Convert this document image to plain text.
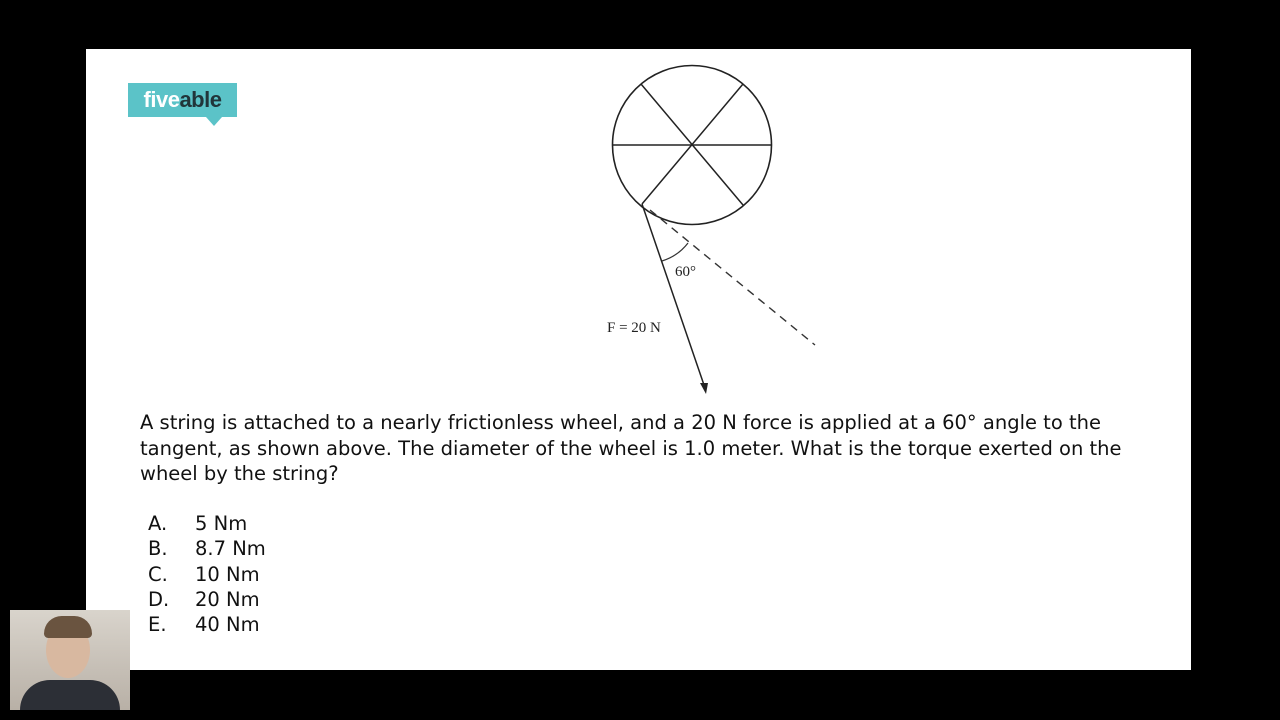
fiveable
60°
F = 20 N
A string is attached to a nearly frictionless wheel, and a 20 N force is applied at a 60° angle to the tangent, as shown above. The diameter of the wheel is 1.0 meter. What is the torque exerted on the wheel by the string?
A.	5 Nm
B.	8.7 Nm
C.	10 Nm
D.	20 Nm
E.	40 Nm
